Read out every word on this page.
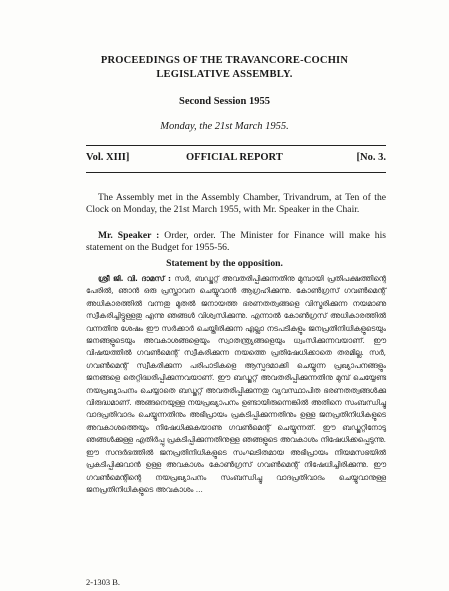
PROCEEDINGS OF THE TRAVANCORE-COCHIN
LEGISLATIVE ASSEMBLY.
Second Session 1955
Monday, the 21st March 1955.
Vol. XIII]	OFFICIAL REPORT	[No. 3.
The Assembly met in the Assembly Chamber, Trivandrum, at Ten of the Clock on Monday, the 21st March 1955, with Mr. Speaker in the Chair.
Mr. Speaker : Order, order. The Minister for Finance will make his statement on the Budget for 1955-56.
Statement by the opposition.
ശ്രീ ജി. വി. ദാമസ് : സർ, ബഡ്ജറ്റ് അവതരിപ്പിക്കുന്നതിനു മുമ്പായി പ്രതിപക്ഷത്തിന്റെ പേരിൽ, ഞാൻ ഒരു പ്രസ്താവന ചെയ്യുവാൻ ആഗ്രഹിക്കുന്നു. കോൺഗ്രസ് ഗവൺമെന്റ് അധികാരത്തിൽ വന്നതു മുതൽ ജനായത്ത ഭരണതത്വങ്ങളെ വിസ്മരിക്കുന്ന നയമാണു സ്വീകരിച്ചിട്ടുള്ളതു എന്നു ഞങ്ങൾ വിശ്വസിക്കുന്നു. എന്നാൽ കോൺഗ്രസ് അധികാരത്തിൽ വന്നതിനു ശേഷം ഈ സർക്കാർ ചെയ്തിരിക്കുന്ന എല്ലാ നടപടികളും ജനപ്രതിനിധികളുടെയും ജനങ്ങളുടെയും അവകാശങ്ങളെയും സ്വാതന്ത്ര്യങ്ങളെയും ധ്വംസിക്കുന്നവയാണ്. ഈ വിഷയത്തിൽ ഗവൺമെന്റ് സ്വീകരിക്കുന്ന നയത്തെ പ്രതിഷേധിക്കാതെ തരമില്ല. സർ, ഗവൺമെന്റ് സ്വീകരിക്കുന്ന പരിപാടികളെ ആസ്പദമാക്കി ചെയ്യുന്ന പ്രഖ്യാപനങ്ങളും ജനങ്ങളെ തെറ്റിദ്ധരിപ്പിക്കുന്നവയാണ്. ഈ ബഡ്ജറ്റ് അവതരിപ്പിക്കുന്നതിനു മുമ്പ് ചെയ്യേണ്ട നയപ്രഖ്യാപനം ചെയ്യാതെ ബഡ്ജറ്റ് അവതരിപ്പിക്കുന്നതു വ്യവസ്ഥാപിത ഭരണതത്വങ്ങൾക്കു വിരുദ്ധമാണ്. അങ്ങനെയുള്ള നയപ്രഖ്യാപനം ഉണ്ടായിരുന്നെങ്കിൽ അതിനെ സംബന്ധിച്ചു വാദപ്രതിവാദം ചെയ്യുന്നതിനും അഭിപ്രായം പ്രകടിപ്പിക്കുന്നതിനും ഉള്ള ജനപ്രതിനിധികളുടെ അവകാശത്തെയും നിഷേധിക്കുകയാണു ഗവൺമെന്റ് ചെയ്യുന്നത്. ഈ ബഡ്ജറ്റിനോടു ഞങ്ങൾക്കുള്ള എതിർപ്പു പ്രകടിപ്പിക്കുന്നതിനുള്ള ഞങ്ങളുടെ അവകാശം നിഷേധിക്കപ്പെടുന്നു. ഈ സന്ദർഭത്തിൽ ജനപ്രതിനിധികളുടെ സംഘടിതമായ അഭിപ്രായം നിയമസഭയിൽ പ്രകടിപ്പിക്കുവാൻ ഉള്ള അവകാശം കോൺഗ്രസ് ഗവൺമെന്റ് നിഷേധിച്ചിരിക്കുന്നു. ഈ ഗവൺമെന്റിന്റെ നയപ്രഖ്യാപനം സംബന്ധിച്ചു വാദപ്രതിവാദം ചെയ്യുവാനുള്ള ജനപ്രതിനിധികളുടെ അവകാശം ...
2-1303 B.
